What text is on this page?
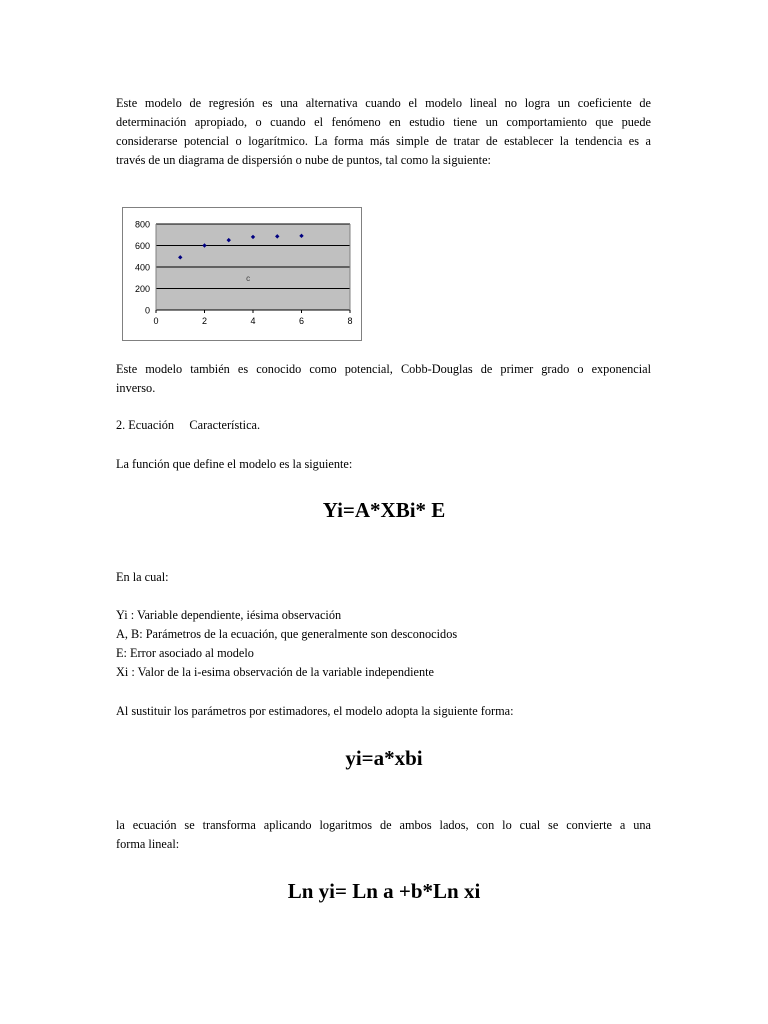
Este modelo de regresión es una alternativa cuando el modelo lineal no logra un coeficiente de
determinación apropiado, o cuando el fenómeno en estudio tiene un comportamiento que puede
considerarse potencial o logarítmico. La forma más simple de tratar de establecer la tendencia es a
través de un diagrama de dispersión o nube de puntos, tal como la siguiente:
0
200
400
600
800
0	2	4	6	8
c
Este modelo también es conocido como potencial, Cobb-Douglas de primer grado o exponencial
inverso.
2. Ecuación     Característica.
La función que define el modelo es la siguiente:
Yi=A*XBi* E
En la cual:
Yi : Variable dependiente, iésima observación
A, B: Parámetros de la ecuación, que generalmente son desconocidos
E: Error asociado al modelo
Xi : Valor de la i-esima observación de la variable independiente
Al sustituir los parámetros por estimadores, el modelo adopta la siguiente forma:
yi=a*xbi
la ecuación se transforma aplicando logaritmos de ambos lados, con lo cual se convierte a una
forma lineal:
Ln yi= Ln a +b*Ln xi
